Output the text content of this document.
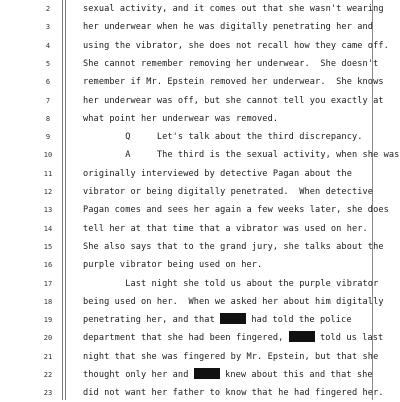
2	sexual activity, and it comes out that she wasn't wearing
3	her underwear when he was digitally penetrating her and
4	using the vibrator, she does not recall how they came off.
5	She cannot remember removing her underwear.  She doesn't
6	remember if Mr. Epstein removed her underwear.  She knows
7	her underwear was off, but she cannot tell you exactly at
8	what point her underwear was removed.
9	Q     Let's talk about the third discrepancy.
10	A     The third is the sexual activity, when she was
11	originally interviewed by detective Pagan about the
12	vibrator or being digitally penetrated.  When detective
13	Pagan comes and sees her again a few weeks later, she does
14	tell her at that time that a vibrator was used on her.
15	She also says that to the grand jury, she talks about the
16	purple vibrator being used on her.
17	Last night she told us about the purple vibrator
18	being used on her.  When we asked her about him digitally
19	penetrating her, and that	had told the police
20	department that she had been fingered,	told us last
21	night that she was fingered by Mr. Epstein, but that she
22	thought only her and	knew about this and that she
23	did not want her father to know that he had fingered her.
